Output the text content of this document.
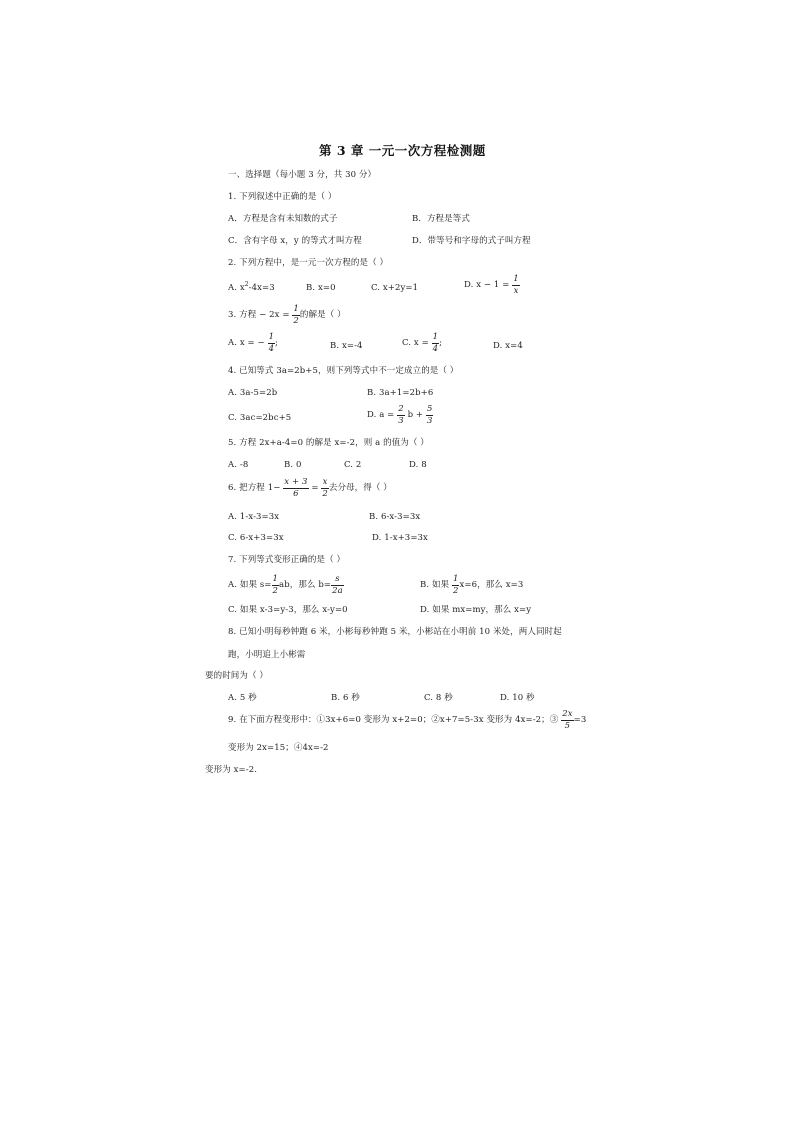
第 3 章 一元一次方程检测题
一、选择题（每小题 3 分，共 30 分）
1. 下列叙述中正确的是（ ）
A．方程是含有未知数的式子	B．方程是等式
C．含有字母 x，y 的等式才叫方程	D．带等号和字母的式子叫方程
2. 下列方程中，是一元一次方程的是（ ）
A. $x^2-4x=3$	B. x=0	C. x+2y=1	D. $x - 1 = \frac{1}{x}$
3. 方程 − $2x = \frac{1}{2}$ 的解是（ ）
A. x = − $\frac{1}{4}$ ;	B. x=-4	C. $x = \frac{1}{4}$ ;	D. x=4
4. 已知等式 3a=2b+5，则下列等式中不一定成立的是（ ）
A. 3a-5=2b	B. 3a+1=2b+6
C. 3ac=2bc+5	D. $a = \frac{2}{3}$ $b + \frac{5}{3}$
5. 方程 2x+a-4=0 的解是 x=-2，则 a 的值为（ ）
A. -8	B. 0	C. 2	D. 8
6. 把方程 $1- \frac{x + 3}{6} = \frac{x}{2}$ 去分母，得（ ）
A. 1-x-3=3x	B. 6-x-3=3x
C. 6-x+3=3x	D. 1-x+3=3x
7. 下列等式变形正确的是（ ）
A. 如果 $s= \frac{1}{2}$ ab，那么 $b= \frac{s}{2a}$	B. 如果 $\frac{1}{2} x=6$，那么 x=3
C. 如果 x-3=y-3，那么 x-y=0	D. 如果 mx=my，那么 x=y
8. 已知小明每秒钟跑 6 米，小彬每秒钟跑 5 米，小彬站在小明前 10 米处，两人同时起
跑，小明追上小彬需
要的时间为（ ）
A. 5 秒	B. 6 秒	C. 8 秒	D. 10 秒
9. 在下面方程变形中：①3x+6=0 变形为 x+2=0；②x+7=5-3x 变形为 4x=-2；③ $\frac{2x}{5} =3$
变形为 2x=15；④4x=-2
变形为 x=-2.
